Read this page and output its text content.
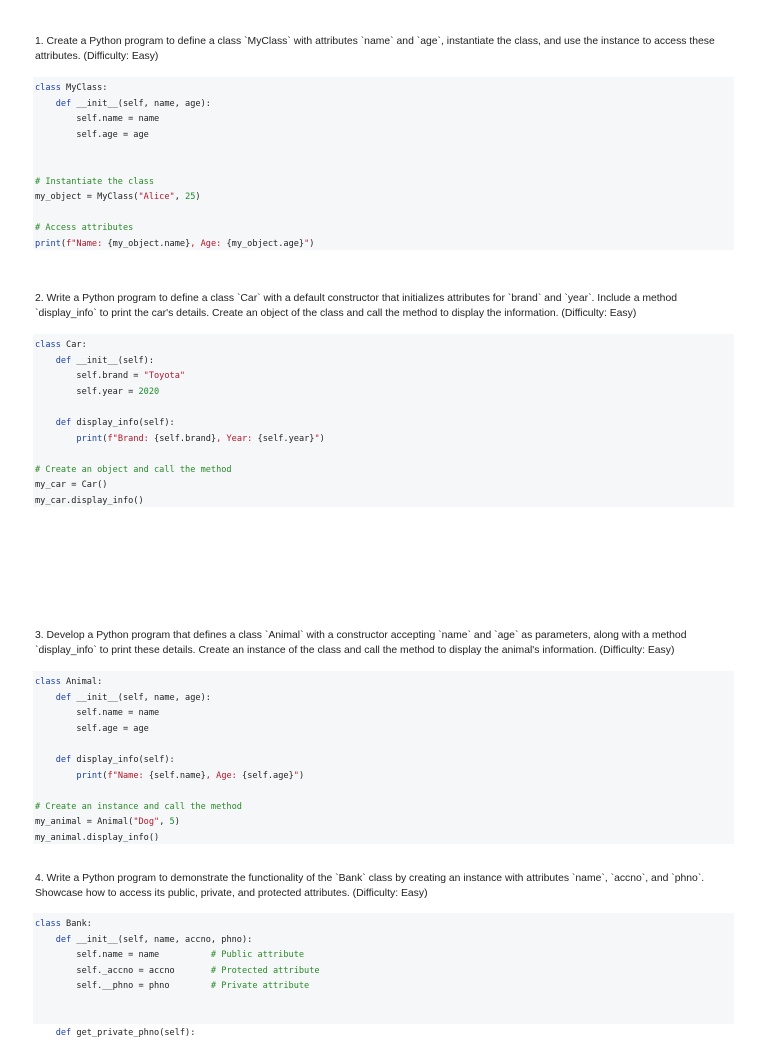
1. Create a Python program to define a class `MyClass` with attributes `name` and `age`, instantiate the class, and use the instance to access these attributes. (Difficulty: Easy)

class MyClass:
def __init__(self, name, age):
self.name = name
self.age = age
# Instantiate the class
my_object = MyClass("Alice", 25)
# Access attributes
print(f"Name: {my_object.name}, Age: {my_object.age}")

2. Write a Python program to define a class `Car` with a default constructor that initializes attributes for `brand` and `year`. Include a method `display_info` to print the car's details. Create an object of the class and call the method to display the information. (Difficulty: Easy)

class Car:
def __init__(self):
self.brand = "Toyota"
self.year = 2020
def display_info(self):
print(f"Brand: {self.brand}, Year: {self.year}")
# Create an object and call the method
my_car = Car()
my_car.display_info()

3. Develop a Python program that defines a class `Animal` with a constructor accepting `name` and `age` as parameters, along with a method `display_info` to print these details. Create an instance of the class and call the method to display the animal's information. (Difficulty: Easy)

class Animal:
def __init__(self, name, age):
self.name = name
self.age = age
def display_info(self):
print(f"Name: {self.name}, Age: {self.age}")
# Create an instance and call the method
my_animal = Animal("Dog", 5)
my_animal.display_info()

4. Write a Python program to demonstrate the functionality of the `Bank` class by creating an instance with attributes `name`, `accno`, and `phno`. Showcase how to access its public, private, and protected attributes. (Difficulty: Easy)

class Bank:
def __init__(self, name, accno, phno):
self.name = name          # Public attribute
self._accno = accno       # Protected attribute
self.__phno = phno        # Private attribute
def get_private_phno(self):
